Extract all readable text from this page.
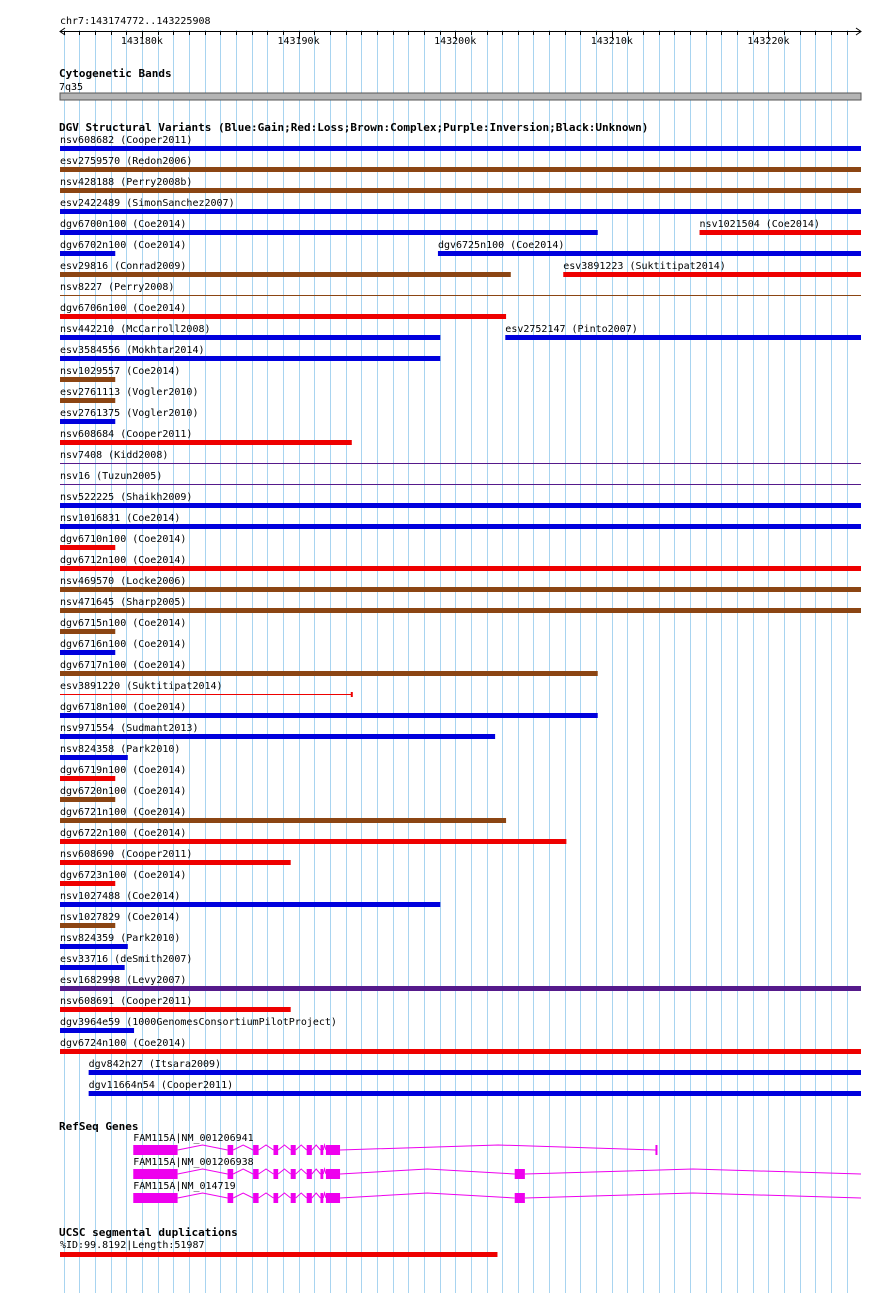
chr7:143174772..143225908
143180k	143190k	143200k	143210k	143220k
Cytogenetic Bands
7q35
DGV Structural Variants (Blue:Gain;Red:Loss;Brown:Complex;Purple:Inversion;Black:Unknown)
nsv608682 (Cooper2011)
esv2759570 (Redon2006)
nsv428188 (Perry2008b)
esv2422489 (SimonSanchez2007)
dgv6700n100 (Coe2014)	nsv1021504 (Coe2014)
dgv6702n100 (Coe2014)	dgv6725n100 (Coe2014)
esv29816 (Conrad2009)	esv3891223 (Suktitipat2014)
nsv8227 (Perry2008)
dgv6706n100 (Coe2014)
nsv442210 (McCarroll2008)	esv2752147 (Pinto2007)
esv3584556 (Mokhtar2014)
nsv1029557 (Coe2014)
esv2761113 (Vogler2010)
esv2761375 (Vogler2010)
nsv608684 (Cooper2011)
nsv7408 (Kidd2008)
nsv16 (Tuzun2005)
nsv522225 (Shaikh2009)
nsv1016831 (Coe2014)
dgv6710n100 (Coe2014)
dgv6712n100 (Coe2014)
nsv469570 (Locke2006)
nsv471645 (Sharp2005)
dgv6715n100 (Coe2014)
dgv6716n100 (Coe2014)
dgv6717n100 (Coe2014)
esv3891220 (Suktitipat2014)
dgv6718n100 (Coe2014)
nsv971554 (Sudmant2013)
nsv824358 (Park2010)
dgv6719n100 (Coe2014)
dgv6720n100 (Coe2014)
dgv6721n100 (Coe2014)
dgv6722n100 (Coe2014)
nsv608690 (Cooper2011)
dgv6723n100 (Coe2014)
nsv1027488 (Coe2014)
nsv1027829 (Coe2014)
nsv824359 (Park2010)
esv33716 (deSmith2007)
esv1682998 (Levy2007)
nsv608691 (Cooper2011)
dgv3964e59 (1000GenomesConsortiumPilotProject)
dgv6724n100 (Coe2014)
dgv842n27 (Itsara2009)
dgv11664n54 (Cooper2011)
RefSeq Genes
FAM115A|NM_001206941
FAM115A|NM_001206938
FAM115A|NM_014719
UCSC segmental duplications
%ID:99.8192|Length:51987
